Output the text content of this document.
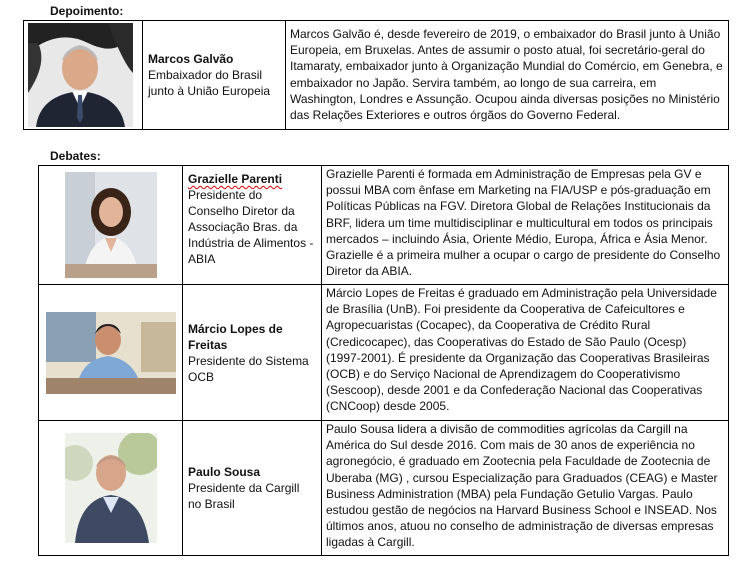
Depoimento:

Marcos Galvão
Embaixador do Brasil junto à União Europeia
	Marcos Galvão é, desde fevereiro de 2019, o embaixador do Brasil junto à União Europeia, em Bruxelas. Antes de assumir o posto atual, foi secretário-geral do Itamaraty, embaixador junto à Organização Mundial do Comércio, em Genebra, e embaixador no Japão. Servira também, ao longo de sua carreira, em Washington, Londres e Assunção. Ocupou ainda diversas posições no Ministério das Relações Exteriores e outros órgãos do Governo Federal.
Debates:

Grazielle Parenti
Presidente do Conselho Diretor da Associação Bras. da Indústria de Alimentos - ABIA	Grazielle Parenti é formada em Administração de Empresas pela GV e possui MBA com ênfase em Marketing na FIA/USP e pós-graduação em Políticas Públicas na FGV. Diretora Global de Relações Institucionais da BRF, lidera um time multidisciplinar e multicultural em todos os principais mercados – incluindo Ásia, Oriente Médio, Europa, África e Ásia Menor. Grazielle é a primeira mulher a ocupar o cargo de presidente do Conselho Diretor da ABIA.

Márcio Lopes de Freitas
Presidente do Sistema OCB	Márcio Lopes de Freitas é graduado em Administração pela Universidade de Brasília (UnB). Foi presidente da Cooperativa de Cafeicultores e Agropecuaristas (Cocapec), da Cooperativa de Crédito Rural (Credicocapec), das Cooperativas do Estado de São Paulo (Ocesp) (1997-2001). É presidente da Organização das Cooperativas Brasileiras (OCB) e do Serviço Nacional de Aprendizagem do Cooperativismo (Sescoop), desde 2001 e da Confederação Nacional das Cooperativas (CNCoop) desde 2005.

Paulo Sousa
Presidente da Cargill no Brasil	Paulo Sousa lidera a divisão de commodities agrícolas da Cargill na América do Sul desde 2016. Com mais de 30 anos de experiência no agronegócio, é graduado em Zootecnia pela Faculdade de Zootecnia de Uberaba (MG) , cursou Especialização para Graduados (CEAG) e Master Business Administration (MBA) pela Fundação Getulio Vargas. Paulo estudou gestão de negócios na Harvard Business School e INSEAD. Nos últimos anos, atuou no conselho de administração de diversas empresas ligadas à Cargill.
